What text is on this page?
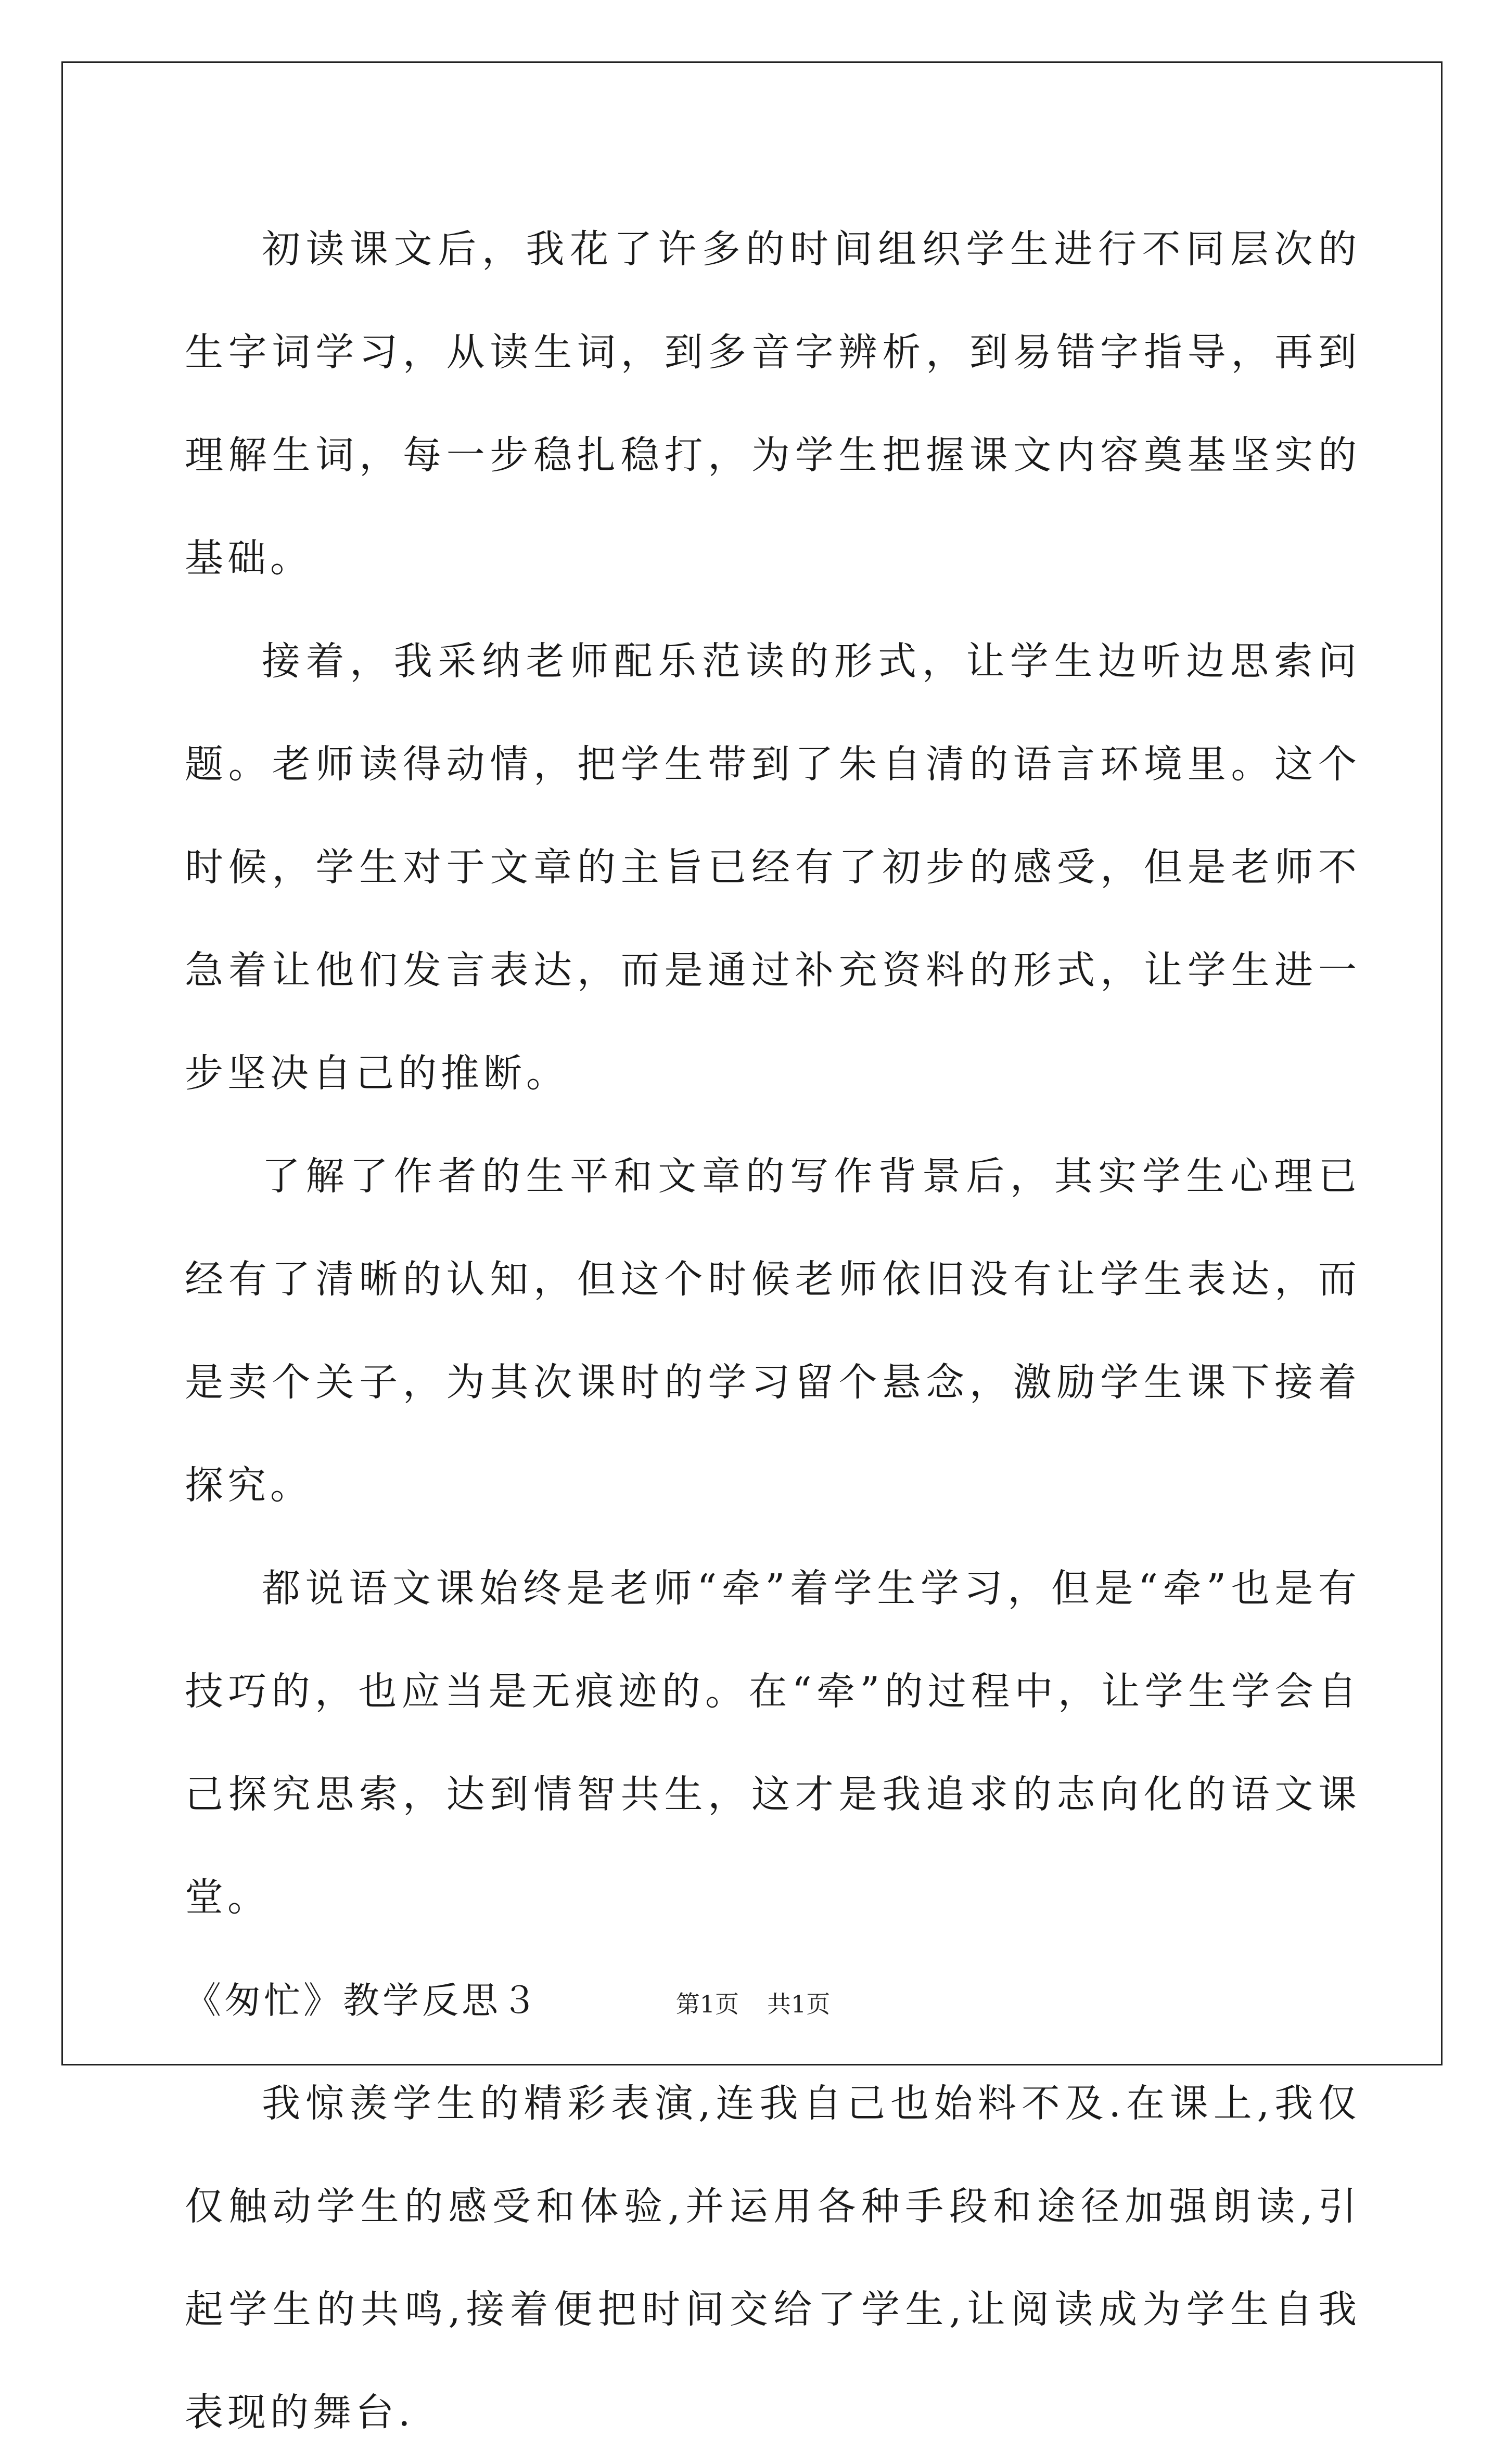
初读课文后，我花了许多的时间组织学生进行不同层次的生字词学习，从读生词，到多音字辨析，到易错字指导，再到理解生词，每一步稳扎稳打，为学生把握课文内容奠基坚实的基础。

接着，我采纳老师配乐范读的形式，让学生边听边思索问题。老师读得动情，把学生带到了朱自清的语言环境里。这个时候，学生对于文章的主旨已经有了初步的感受，但是老师不急着让他们发言表达，而是通过补充资料的形式，让学生进一步坚决自己的推断。

了解了作者的生平和文章的写作背景后，其实学生心理已经有了清晰的认知，但这个时候老师依旧没有让学生表达，而是卖个关子，为其次课时的学习留个悬念，激励学生课下接着探究。

都说语文课始终是老师“牵”着学生学习，但是“牵”也是有技巧的，也应当是无痕迹的。在“牵”的过程中，让学生学会自己探究思索，达到情智共生，这才是我追求的志向化的语文课堂。

《匆忙》教学反思３

我惊羡学生的精彩表演,连我自己也始料不及.在课上,我仅仅触动学生的感受和体验,并运用各种手段和途径加强朗读,引起学生的共鸣,接着便把时间交给了学生,让阅读成为学生自我表现的舞台.

第1页 共1页
